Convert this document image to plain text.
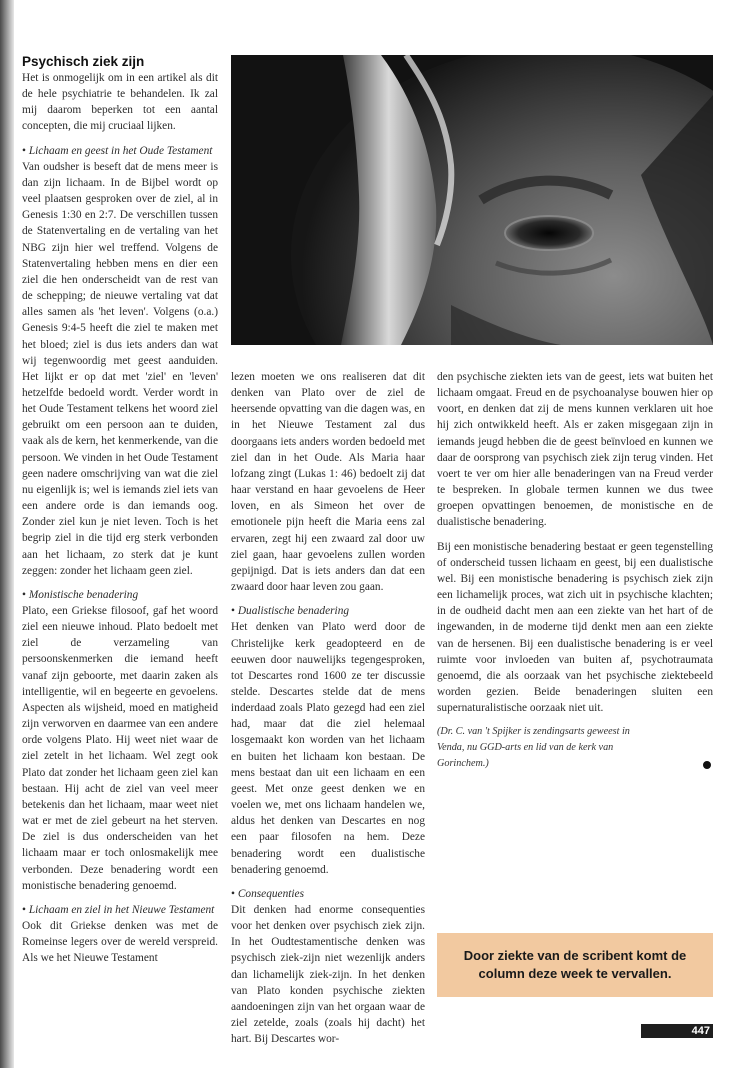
Psychisch ziek zijn

Het is onmogelijk om in een artikel als dit de hele psychiatrie te behandelen. Ik zal mij daarom beperken tot een aantal concepten, die mij cruciaal lijken.

• Lichaam en geest in het Oude Testament

Van oudsher is beseft dat de mens meer is dan zijn lichaam. In de Bijbel wordt op veel plaatsen gesproken over de ziel, al in Genesis 1:30 en 2:7. De verschillen tussen de Statenvertaling en de vertaling van het NBG zijn hier wel treffend. Volgens de Statenvertaling hebben mens en dier een ziel die hen onderscheidt van de rest van de schepping; de nieuwe vertaling vat dat alles samen als 'het leven'. Volgens (o.a.) Genesis 9:4-5 heeft die ziel te maken met het bloed; ziel is dus iets anders dan wat wij tegenwoordig met geest aanduiden. Het lijkt er op dat met 'ziel' en 'leven' hetzelfde bedoeld wordt. Verder wordt in het Oude Testament telkens het woord ziel gebruikt om een persoon aan te duiden, vaak als de kern, het kenmerkende, van die persoon. We vinden in het Oude Testament geen nadere omschrijving van wat die ziel nu eigenlijk is; wel is iemands ziel iets van een andere orde is dan iemands oog. Zonder ziel kun je niet leven. Toch is het begrip ziel in die tijd erg sterk verbonden aan het lichaam, zo sterk dat je kunt zeggen: zonder het lichaam geen ziel.

• Monistische benadering

Plato, een Griekse filosoof, gaf het woord ziel een nieuwe inhoud. Plato bedoelt met ziel de verzameling van persoonskenmerken die iemand heeft vanaf zijn geboorte, met daarin zaken als intelligentie, wil en begeerte en gevoelens. Aspecten als wijsheid, moed en matigheid zijn verworven en daarmee van een andere orde volgens Plato. Hij weet niet waar de ziel zetelt in het lichaam. Wel zegt ook Plato dat zonder het lichaam geen ziel kan bestaan. Hij acht de ziel van veel meer betekenis dan het lichaam, maar weet niet wat er met de ziel gebeurt na het sterven. De ziel is dus onderscheiden van het lichaam maar er toch onlosmakelijk mee verbonden. Deze benadering wordt een monistische benadering genoemd.

• Lichaam en ziel in het Nieuwe Testament

Ook dit Griekse denken was met de Romeinse legers over de wereld verspreid. Als we het Nieuwe Testament

lezen moeten we ons realiseren dat dit denken van Plato over de ziel de heersende opvatting van die dagen was, en in het Nieuwe Testament zal dus doorgaans iets anders worden bedoeld met ziel dan in het Oude. Als Maria haar lofzang zingt (Lukas 1: 46) bedoelt zij dat haar verstand en haar gevoelens de Heer loven, en als Simeon het over de emotionele pijn heeft die Maria eens zal ervaren, zegt hij een zwaard zal door uw ziel gaan, haar gevoelens zullen worden gepijnigd. Dat is iets anders dan dat een zwaard door haar leven zou gaan.

• Dualistische benadering

Het denken van Plato werd door de Christelijke kerk geadopteerd en de eeuwen door nauwelijks tegengesproken, tot Descartes rond 1600 ze ter discussie stelde. Descartes stelde dat de mens inderdaad zoals Plato gezegd had een ziel had, maar dat die ziel helemaal losgemaakt kon worden van het lichaam en buiten het lichaam kon bestaan. De mens bestaat dan uit een lichaam en een geest. Met onze geest denken we en voelen we, met ons lichaam handelen we, aldus het denken van Descartes en nog een paar filosofen na hem. Deze benadering wordt een dualistische benadering genoemd.

• Consequenties

Dit denken had enorme consequenties voor het denken over psychisch ziek zijn. In het Oudtestamentische denken was psychisch ziek-zijn niet wezenlijk anders dan lichamelijk ziek-zijn. In het denken van Plato konden psychische ziekten aandoeningen zijn van het orgaan waar de ziel zetelde, zoals (zoals hij dacht) het hart. Bij Descartes wor-

den psychische ziekten iets van de geest, iets wat buiten het lichaam omgaat. Freud en de psychoanalyse bouwen hier op voort, en denken dat zij de mens kunnen verklaren uit hoe hij zich ontwikkeld heeft. Als er zaken misgegaan zijn in iemands jeugd hebben die de geest beïnvloed en kunnen we daar de oorsprong van psychisch ziek zijn terug vinden. Het voert te ver om hier alle benaderingen van na Freud verder te bespreken. In globale termen kunnen we dus twee groepen opvattingen benoemen, de monistische en de dualistische benadering.

Bij een monistische benadering bestaat er geen tegenstelling of onderscheid tussen lichaam en geest, bij een dualistische wel. Bij een monistische benadering is psychisch ziek zijn een lichamelijk proces, wat zich uit in psychische klachten; in de oudheid dacht men aan een ziekte van het hart of de ingewanden, in de moderne tijd denkt men aan een ziekte van de hersenen. Bij een dualistische benadering is er veel ruimte voor invloeden van buiten af, psychotraumata genoemd, die als oorzaak van het psychische ziektebeeld worden gezien. Beide benaderingen sluiten een supernaturalistische oorzaak niet uit.

(Dr. C. van 't Spijker is zendingsarts geweest in Venda, nu GGD-arts en lid van de kerk van Gorinchem.)

Door ziekte van de scribent komt de column deze week te vervallen.
447
